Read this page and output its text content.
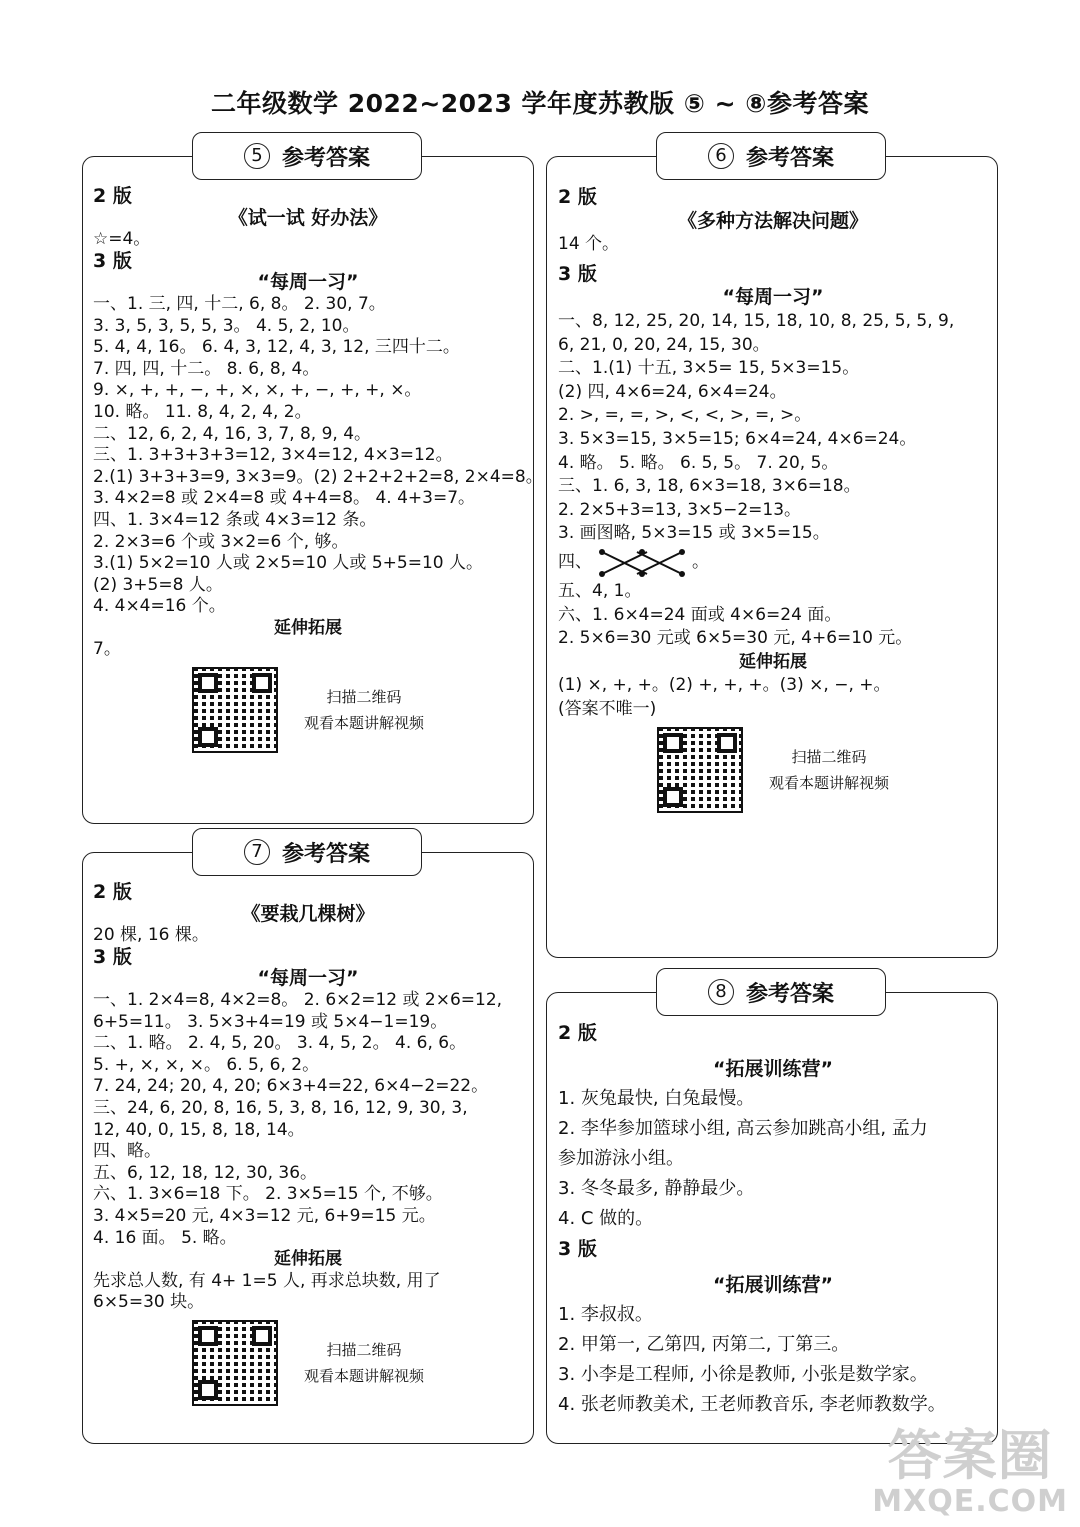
二年级数学 2022~2023 学年度苏教版 ⑤ ~ ⑧参考答案
5 参考答案
2 版
《试一试 好办法》
☆=4。
3 版
“每周一习”
一、1. 三, 四, 十二, 6, 8。 2. 30, 7。
3. 3, 5, 3, 5, 5, 3。 4. 5, 2, 10。
5. 4, 4, 16。 6. 4, 3, 12, 4, 3, 12, 三四十二。
7. 四, 四, 十二。 8. 6, 8, 4。
9. ×, +, +, −, +, ×, ×, +, −, +, +, ×。
10. 略。 11. 8, 4, 2, 4, 2。
二、12, 6, 2, 4, 16, 3, 7, 8, 9, 4。
三、1. 3+3+3+3=12, 3×4=12, 4×3=12。
2.(1) 3+3+3=9, 3×3=9。(2) 2+2+2+2=8, 2×4=8。
3. 4×2=8 或 2×4=8 或 4+4=8。 4. 4+3=7。
四、1. 3×4=12 条或 4×3=12 条。
2. 2×3=6 个或 3×2=6 个, 够。
3.(1) 5×2=10 人或 2×5=10 人或 5+5=10 人。
(2) 3+5=8 人。
4. 4×4=16 个。
延伸拓展
7。
扫描二维码
观看本题讲解视频
6 参考答案
2 版
《多种方法解决问题》
14 个。
3 版
“每周一习”
一、8, 12, 25, 20, 14, 15, 18, 10, 8, 25, 5, 5, 9,
6, 21, 0, 20, 24, 15, 30。
二、1.(1) 十五, 3×5= 15, 5×3=15。
(2) 四, 4×6=24, 6×4=24。
2. >, =, =, >, <, <, >, =, >。
3. 5×3=15, 3×5=15; 6×4=24, 4×6=24。
4. 略。 5. 略。 6. 5, 5。 7. 20, 5。
三、1. 6, 3, 18, 6×3=18, 3×6=18。
2. 2×5+3=13, 3×5−2=13。
3. 画图略, 5×3=15 或 3×5=15。
四、	。
五、4, 1。
六、1. 6×4=24 面或 4×6=24 面。
2. 5×6=30 元或 6×5=30 元, 4+6=10 元。
延伸拓展
(1) ×, +, +。(2) +, +, +。(3) ×, −, +。
(答案不唯一)
扫描二维码
观看本题讲解视频
7 参考答案
2 版
《要栽几棵树》
20 棵, 16 棵。
3 版
“每周一习”
一、1. 2×4=8, 4×2=8。 2. 6×2=12 或 2×6=12,
6+5=11。 3. 5×3+4=19 或 5×4−1=19。
二、1. 略。 2. 4, 5, 20。 3. 4, 5, 2。 4. 6, 6。
5. +, ×, ×, ×。 6. 5, 6, 2。
7. 24, 24; 20, 4, 20; 6×3+4=22, 6×4−2=22。
三、24, 6, 20, 8, 16, 5, 3, 8, 16, 12, 9, 30, 3,
12, 40, 0, 15, 8, 18, 14。
四、略。
五、6, 12, 18, 12, 30, 36。
六、1. 3×6=18 下。 2. 3×5=15 个, 不够。
3. 4×5=20 元, 4×3=12 元, 6+9=15 元。
4. 16 面。 5. 略。
延伸拓展
先求总人数, 有 4+ 1=5 人, 再求总块数, 用了
6×5=30 块。
扫描二维码
观看本题讲解视频
8 参考答案
2 版
“拓展训练营”
1. 灰兔最快, 白兔最慢。
2. 李华参加篮球小组, 高云参加跳高小组, 孟力
参加游泳小组。
3. 冬冬最多, 静静最少。
4. C 做的。
3 版
“拓展训练营”
1. 李叔叔。
2. 甲第一, 乙第四, 丙第二, 丁第三。
3. 小李是工程师, 小徐是教师, 小张是数学家。
4. 张老师教美术, 王老师教音乐, 李老师教数学。
答案圈
MXQE.COM
